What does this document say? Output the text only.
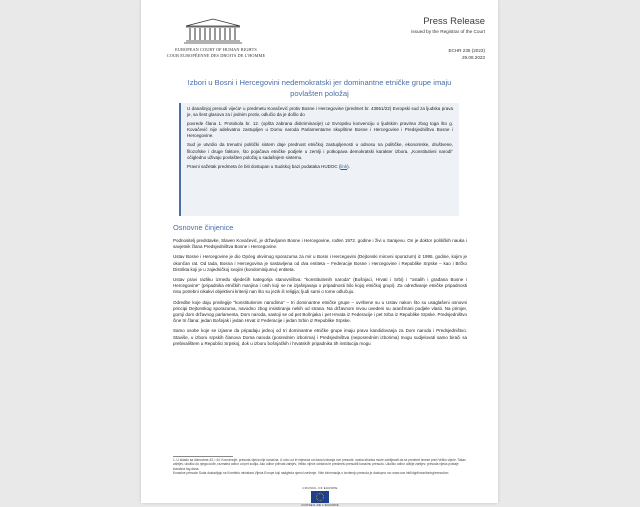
EUROPEAN COURT OF HUMAN RIGHTS
COUR EUROPÉENNE DES DROITS DE L'HOMME
Press Release
issued by the Registrar of the Court
ECHR 235 (2023)
29.08.2023
Izbori u Bosni i Hercegovini nedemokratski jer dominantne etničke grupe imaju povlašten položaj

U današnjoj presudi vijeća¹ u predmetu Kovačević protiv Bosne i Hercegovine (predmet br. 43651/22) Evropski sud za ljudska prava je, sa šest glasova za i jednim protiv, odlučio da je došlo do

povrede člana 1. Protokola br. 12. (opšta zabrana diskriminacije) uz Evropsku konvenciju o ljudskim pravima zbog toga što g. Kovačević nije adekvatno zastupljen u Domu naroda Parlamentarne skupštine Bosne i Hercegovine i Predsjedništvu Bosne i Hercegovine.

Sud je utvrdio da trenutni politički sistem daje prednost etničkoj zastupljenosti u odnosu na političke, ekonomske, društvene, filozofske i druge faktore, što pojačava etničke podjele u zemlji i potkopava demokratski karakter izbora. „Konstitutivni narodi" očigledno uživaju povlašten položaj u sadašnjem sistemu.

Pravni sažetak predmeta će biti dostupan u Sudskoj bazi podataka HUDOC (link).

Osnovne činjenice

Podnositelj predstavke, Slaven Kovačević, je državljanin Bosne i Hercegovine, rođen 1972. godine i živi u Sarajevu. On je doktor političkih nauka i savjetnik člana Predsjedništva Bosne i Hercegovine.

Ustav Bosne i Hercegovine je dio Općeg okvirnog sporazuma za mir u Bosni i Hercegovini (Dejtonski mirovni sporazum) iz 1995. godine, kojim je okončan rat. Od tada, Bosna i Hercegovina je sastavljena od dva entiteta – Federacije Bosne i Hercegovine i Republike Srpske – kao i Brčko Distrikta koji je u zajedničkoj svojini (kondominijumu) entiteta.

Ustav pravi razliku između sljedećih kategorija stanovništva: "konstitutivnih naroda" (Bošnjaci, Hrvati i Srbi) i "ostalih i građana Bosne i Hercegovine" (pripadnika etničkih manjina i onih koji se ne izjašnjavaju o pripadnosti bilo kojoj etničkoj grupi). Za određivanje etničke pripadnosti nisu potrebni nikakvi objektivni kriteriji nan što su jezik ili religija; ljudi sami o tome odlučuju.

Odredbe koje daju privilegije "konstitutivnim narodima" – tri dominantne etničke grupe – uvrštene su u Ustav nakon što su usaglašeni osnovni principi Dejtonskog sporazuma, navodno zbog insistiranja nekih od strana. Na državnom nivou uvedeni su aranžmani podjele vlasti. Na primjer, gornji dom državnog parlamenta, Dom naroda, sastoji se od pet Bošnjaka i pet Hrvata iz Federacije i pet Srba iz Republike Srpske. Predsjedništvo čine tri člana: jedan Bošnjak i jedan Hrvat iz Federacije i jedan Srbin iz Republike Srpske.

Samo osobe koje se izjasne da pripadaju jednoj od tri dominantne etničke grupe imaju pravo kandidovanja za Dom naroda i Predsjedništvo. Staviše, u izboru srpskih članova Doma naroda (posrednim izborima) i Predsjedništva (neposrednim izborima) mogu sudjelovati samo birači sa prebivalištem u Republici Srpskoj, dok u izboru bošnjačkih i hrvatskih pripadnika tih institucija mogu

1. U skladu sa članovima 43. i 44. Konvencije, presuda vijeća nije konačna. U roku od tri mjeseca od dana izricanja ove presude, svaka stranka može zahtijevati da se predmet iznese pred Veliko vijeće. Takav zahtjev, ukoliko do njega dođe, razmatra odbor od pet sudija. Ako odbor prihvati zahtjev, Veliko vijeće održava te predmetu presuditi konačnu presudu. Ukoliko odbor odbije zahtjev, presuda vijeća postaje konačna tog dana.

Konačne presude Suda dostavljaju se Komitetu ministara Vijeća Evrope koji nadgleda njeno izvršenje. Više informacija o izvršenju presuda je dostupno na: www.coe.int/t/dghl/monitoring/execution

COUNCIL OF EUROPE
CONSEIL DE L'EUROPE
